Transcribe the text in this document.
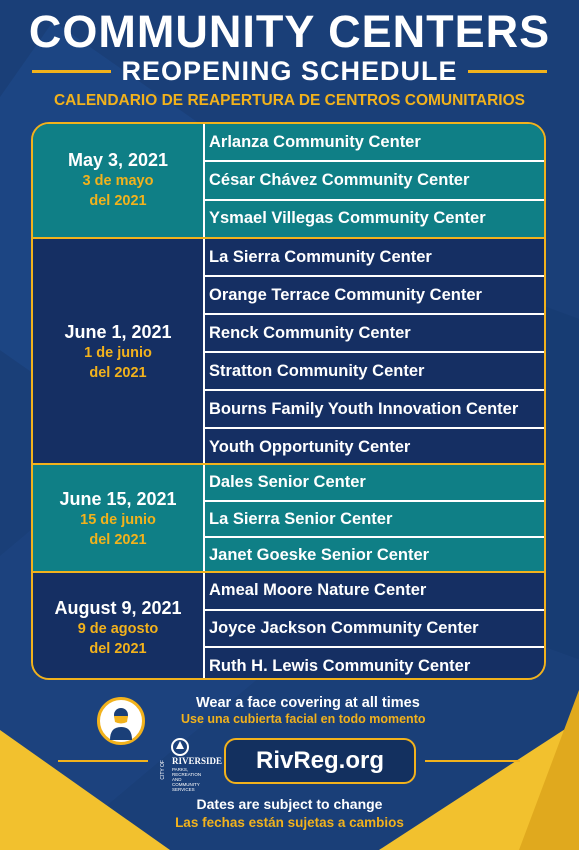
COMMUNITY CENTERS
REOPENING SCHEDULE
CALENDARIO DE REAPERTURA DE CENTROS COMUNITARIOS
May 3, 2021
3 de mayo
del 2021
Arlanza Community Center
César Chávez Community Center
Ysmael Villegas Community Center
June 1, 2021
1 de junio
del 2021
La Sierra Community Center
Orange Terrace Community Center
Renck Community Center
Stratton Community Center
Bourns Family Youth Innovation Center
Youth Opportunity Center
June 15, 2021
15 de junio
del 2021
Dales Senior Center
La Sierra Senior Center
Janet Goeske Senior Center
August 9, 2021
9 de agosto
del 2021
Ameal Moore Nature Center
Joyce Jackson Community Center
Ruth H. Lewis Community Center
Wear a face covering at all times
Use una cubierta facial en todo momento
CITY OF RIVERSIDE
PARKS, RECREATION AND COMMUNITY SERVICES
RivReg.org
Dates are subject to change
Las fechas están sujetas a cambios
